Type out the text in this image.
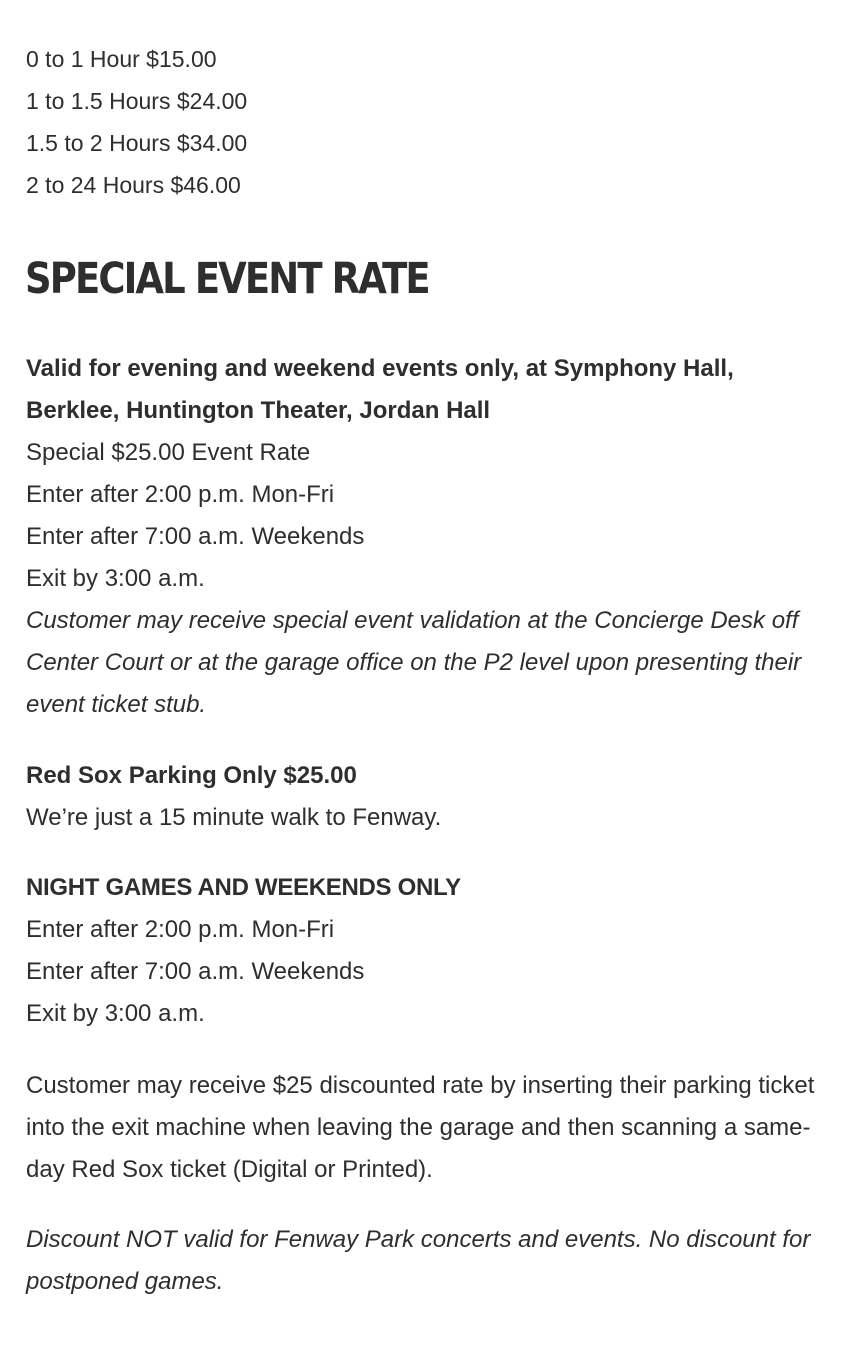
0 to 1 Hour $15.00
1 to 1.5 Hours $24.00
1.5 to 2 Hours $34.00
2 to 24 Hours $46.00
SPECIAL EVENT RATE

Valid for evening and weekend events only, at Symphony Hall, Berklee, Huntington Theater, Jordan Hall

Special $25.00 Event Rate

Enter after 2:00 p.m. Mon-Fri

Enter after 7:00 a.m. Weekends

Exit by 3:00 a.m.

Customer may receive special event validation at the Concierge Desk off Center Court or at the garage office on the P2 level upon presenting their event ticket stub.

Red Sox Parking Only $25.00

We’re just a 15 minute walk to Fenway.

NIGHT GAMES AND WEEKENDS ONLY

Enter after 2:00 p.m. Mon-Fri

Enter after 7:00 a.m. Weekends

Exit by 3:00 a.m.

Customer may receive $25 discounted rate by inserting their parking ticket into the exit machine when leaving the garage and then scanning a same-day Red Sox ticket (Digital or Printed).

Discount NOT valid for Fenway Park concerts and events. No discount for postponed games.
